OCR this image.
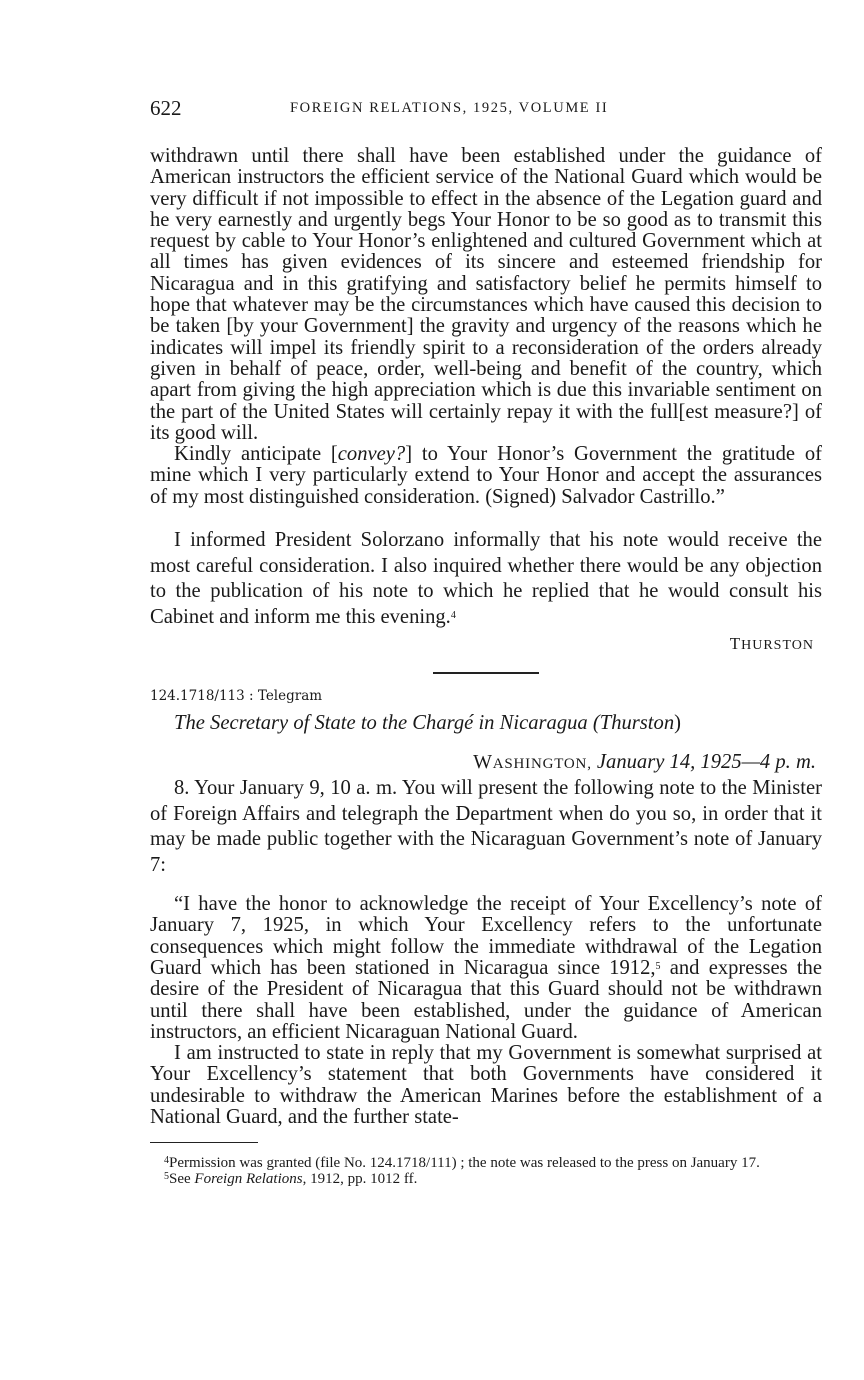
622	FOREIGN RELATIONS, 1925, VOLUME II

withdrawn until there shall have been established under the guidance of American instructors the efficient service of the National Guard which would be very difficult if not impossible to effect in the absence of the Legation guard and he very earnestly and urgently begs Your Honor to be so good as to transmit this request by cable to Your Honor’s enlightened and cultured Government which at all times has given evidences of its sincere and esteemed friendship for Nicaragua and in this gratifying and satisfactory belief he permits himself to hope that whatever may be the circumstances which have caused this decision to be taken [by your Government] the gravity and urgency of the reasons which he indicates will impel its friendly spirit to a reconsideration of the orders already given in behalf of peace, order, well-being and benefit of the country, which apart from giving the high appreciation which is due this invariable sentiment on the part of the United States will certainly repay it with the full[est measure?] of its good will.

Kindly anticipate [convey?] to Your Honor’s Government the gratitude of mine which I very particularly extend to Your Honor and accept the assurances of my most distinguished consideration. (Signed) Salvador Castrillo.”

I informed President Solorzano informally that his note would receive the most careful consideration. I also inquired whether there would be any objection to the publication of his note to which he replied that he would consult his Cabinet and inform me this evening.$^4$

THURSTON
124.1718/113 : Telegram
The Secretary of State to the Chargé in Nicaragua (Thurston)
WASHINGTON, January 14, 1925—4 p. m.

8. Your January 9, 10 a. m. You will present the following note to the Minister of Foreign Affairs and telegraph the Department when do you so, in order that it may be made public together with the Nicaraguan Government’s note of January 7:

“I have the honor to acknowledge the receipt of Your Excellency’s note of January 7, 1925, in which Your Excellency refers to the unfortunate consequences which might follow the immediate withdrawal of the Legation Guard which has been stationed in Nicaragua since 1912,$^5$ and expresses the desire of the President of Nicaragua that this Guard should not be withdrawn until there shall have been established, under the guidance of American instructors, an efficient Nicaraguan National Guard.

I am instructed to state in reply that my Government is somewhat surprised at Your Excellency’s statement that both Governments have considered it undesirable to withdraw the American Marines before the establishment of a National Guard, and the further state-

$^4$Permission was granted (file No. 124.1718/111) ; the note was released to the press on January 17.

$^5$See Foreign Relations, 1912, pp. 1012 ff.
